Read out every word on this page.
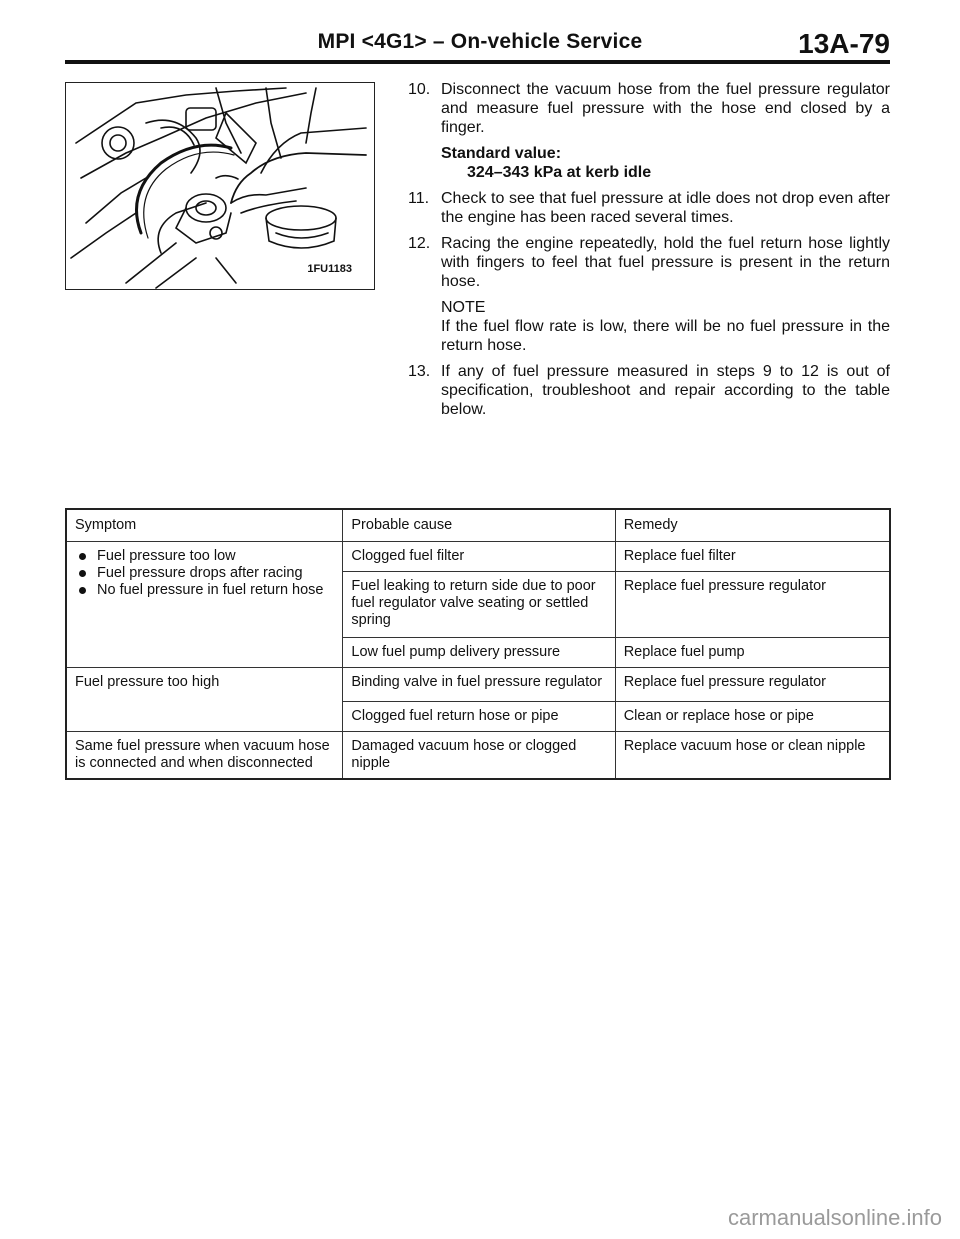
MPI <4G1> – On-vehicle Service	13A-79
1FU1183
10. Disconnect the vacuum hose from the fuel pressure regulator and measure fuel pressure with the hose end closed by a finger.
Standard value:
324–343 kPa at kerb idle
11. Check to see that fuel pressure at idle does not drop even after the engine has been raced several times.
12. Racing the engine repeatedly, hold the fuel return hose lightly with fingers to feel that fuel pressure is present in the return hose.
NOTE
If the fuel flow rate is low, there will be no fuel pressure in the return hose.
13. If any of fuel pressure measured in steps 9 to 12 is out of specification, troubleshoot and repair according to the table below.
Symptom	Probable cause	Remedy

Fuel pressure too low
Fuel pressure drops after racing
No fuel pressure in fuel return hose	Clogged fuel filter	Replace fuel filter
	Fuel leaking to return side due to poor fuel regulator valve seating or settled spring	Replace fuel pressure regulator
	Low fuel pump delivery pressure	Replace fuel pump
Fuel pressure too high	Binding valve in fuel pressure regulator	Replace fuel pressure regulator
	Clogged fuel return hose or pipe	Clean or replace hose or pipe
Same fuel pressure when vacuum hose is connected and when disconnected	Damaged vacuum hose or clogged nipple	Replace vacuum hose or clean nipple
carmanualsonline.info
